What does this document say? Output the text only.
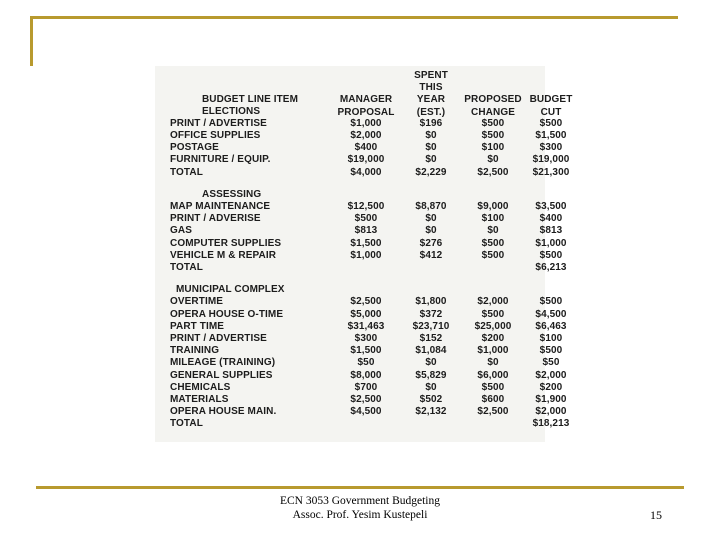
		SPENT		
		THIS		
BUDGET LINE ITEM	MANAGER	YEAR	PROPOSED	BUDGET
ELECTIONS	PROPOSAL	(EST.)	CHANGE	CUT
PRINT / ADVERTISE	$1,000	$196	$500	$500
OFFICE SUPPLIES	$2,000	$0	$500	$1,500
POSTAGE	$400	$0	$100	$300
FURNITURE / EQUIP.	$19,000	$0	$0	$19,000
TOTAL	$4,000	$2,229	$2,500	$21,300

ASSESSING				
MAP MAINTENANCE	$12,500	$8,870	$9,000	$3,500
PRINT / ADVERISE	$500	$0	$100	$400
GAS	$813	$0	$0	$813
COMPUTER SUPPLIES	$1,500	$276	$500	$1,000
VEHICLE M & REPAIR	$1,000	$412	$500	$500
TOTAL				$6,213

MUNICIPAL COMPLEX				
OVERTIME	$2,500	$1,800	$2,000	$500
OPERA HOUSE O-TIME	$5,000	$372	$500	$4,500
PART TIME	$31,463	$23,710	$25,000	$6,463
PRINT / ADVERTISE	$300	$152	$200	$100
TRAINING	$1,500	$1,084	$1,000	$500
MILEAGE (TRAINING)	$50	$0	$0	$50
GENERAL SUPPLIES	$8,000	$5,829	$6,000	$2,000
CHEMICALS	$700	$0	$500	$200
MATERIALS	$2,500	$502	$600	$1,900
OPERA HOUSE MAIN.	$4,500	$2,132	$2,500	$2,000
TOTAL				$18,213
ECN 3053 Government Budgeting
Assoc. Prof. Yesim Kustepeli	15
